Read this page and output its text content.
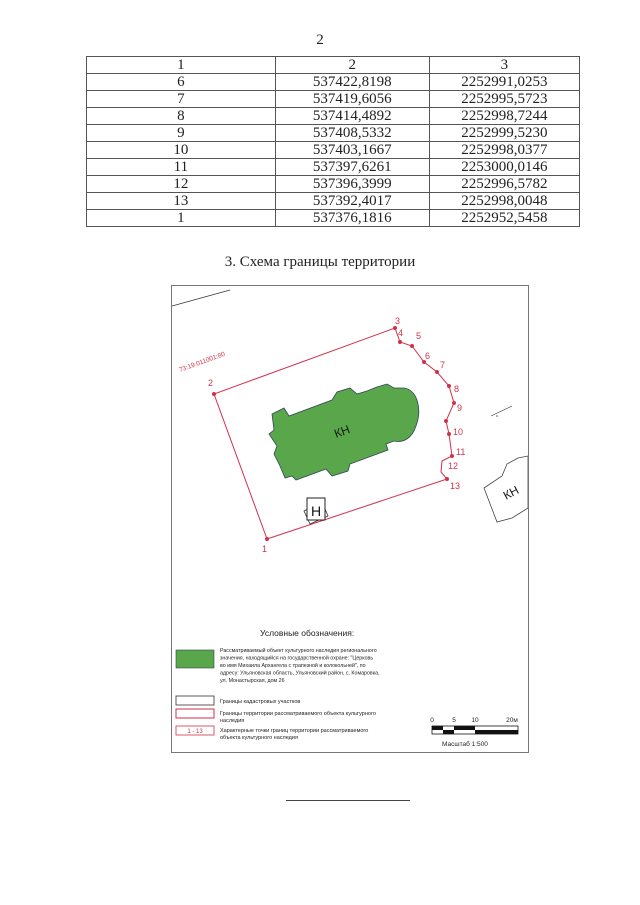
2
1	2	3
6	537422,8198	2252991,0253
7	537419,6056	2252995,5723
8	537414,4892	2252998,7244
9	537408,5332	2252999,5230
10	537403,1667	2252998,0377
11	537397,6261	2253000,0146
12	537396,3999	2252996,5782
13	537392,4017	2252998,0048
1	537376,1816	2252952,5458
3. Схема границы территории
73:19:011001:80
КН
КН
Н
1
2
3
4 5
6
7
8
9
10
11
12
13
Условные обозначения:
Рассматриваемый объект культурного наследия регионального
значения, находящийся на государственной охране: "Церковь
во имя Михаила Архангела с трапезной и колокольней", по
адресу: Ульяновская область, Ульяновский район, с. Комаровка,
ул. Монастырская, дом 26
Границы кадастровых участков
Границы территории рассматриваемого объекта культурного
наследия
1 - 13	Характерные точки границ территории рассматриваемого
объекта культурного наследия
0	5 10	20м
Масштаб 1:500
